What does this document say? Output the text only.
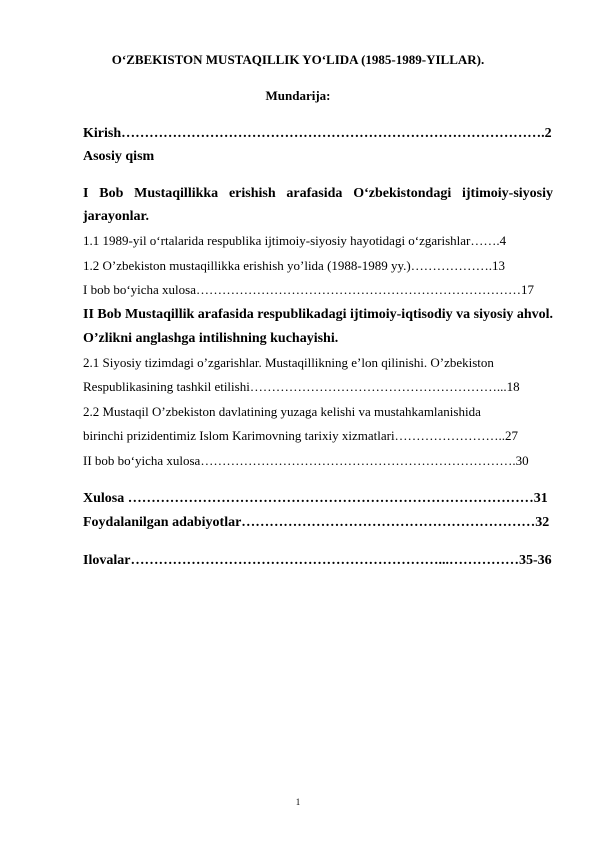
O‘ZBEKISTON MUSTAQILLIK YO‘LIDA (1985-1989-YILLAR).
Mundarija:
Kirish……………………………………………………………………………….2
Asosiy qism
I Bob Mustaqillikka erishish arafasida O‘zbekistondagi ijtimoiy-siyosiy
jarayonlar.
1.1 1989-yil o‘rtalarida respublika ijtimoiy-siyosiy hayotidagi o‘zgarishlar…….4
1.2 O’zbekiston mustaqillikka erishish yo’lida (1988-1989 yy.)……………….13
I bob bo‘yicha xulosa…………………………………………………………………17
II Bob Mustaqillik arafasida respublikadagi ijtimoiy-iqtisodiy va siyosiy ahvol.
O’zlikni anglashga intilishning kuchayishi.
2.1 Siyosiy tizimdagi o’zgarishlar. Mustaqillikning e’lon qilinishi. O’zbekiston
Respublikasining tashkil etilishi…………………………………………………...18
2.2 Mustaqil O’zbekiston davlatining yuzaga kelishi va mustahkamlanishida
birinchi prizidentimiz Islom Karimovning tarixiy xizmatlari……………………..27
II bob bo‘yicha xulosa……………………………………………………………….30
Xulosa ……………………………………………………………………………31
Foydalanilgan adabiyotlar………………………………………………………32
Ilovalar…………………………………………………………...……………35-36
1
